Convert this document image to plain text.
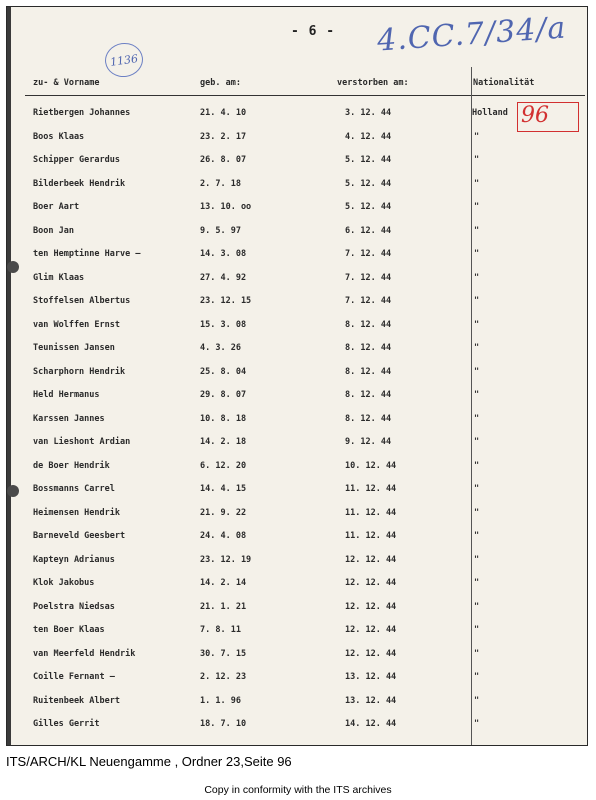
- 6 - 4.CC.7/34/a
1136
zu- & Vorname	geb. am:	verstorben am:	Nationalität
Rietbergen Johannes	21. 4. 10	3. 12. 44	Holland
Boos Klaas	23. 2. 17	4. 12. 44	"
Schipper Gerardus	26. 8. 07	5. 12. 44	"
Bilderbeek Hendrik	2. 7. 18	5. 12. 44	"
Boer Aart	13. 10. oo	5. 12. 44	"
Boon Jan	9. 5. 97	6. 12. 44	"
ten Hemptinne Harve —	14. 3. 08	7. 12. 44	"
Glim Klaas	27. 4. 92	7. 12. 44	"
Stoffelsen Albertus	23. 12. 15	7. 12. 44	"
van Wolffen Ernst	15. 3. 08	8. 12. 44	"
Teunissen Jansen	4. 3. 26	8. 12. 44	"
Scharphorn Hendrik	25. 8. 04	8. 12. 44	"
Held Hermanus	29. 8. 07	8. 12. 44	"
Karssen Jannes	10. 8. 18	8. 12. 44	"
van Lieshont Ardian	14. 2. 18	9. 12. 44	"
de Boer Hendrik	6. 12. 20	10. 12. 44	"
Bossmanns Carrel	14. 4. 15	11. 12. 44	"
Heimensen Hendrik	21. 9. 22	11. 12. 44	"
Barneveld Geesbert	24. 4. 08	11. 12. 44	"
Kapteyn Adrianus	23. 12. 19	12. 12. 44	"
Klok Jakobus	14. 2. 14	12. 12. 44	"
Poelstra Niedsas	21. 1. 21	12. 12. 44	"
ten Boer Klaas	7. 8. 11	12. 12. 44	"
van Meerfeld Hendrik	30. 7. 15	12. 12. 44	"
Coille Fernant —	2. 12. 23	13. 12. 44	"
Ruitenbeek Albert	1. 1. 96	13. 12. 44	"
Gilles Gerrit	18. 7. 10	14. 12. 44	"
96
ITS/ARCH/KL Neuengamme , Ordner 23,Seite 96
Copy in conformity with the ITS archives
